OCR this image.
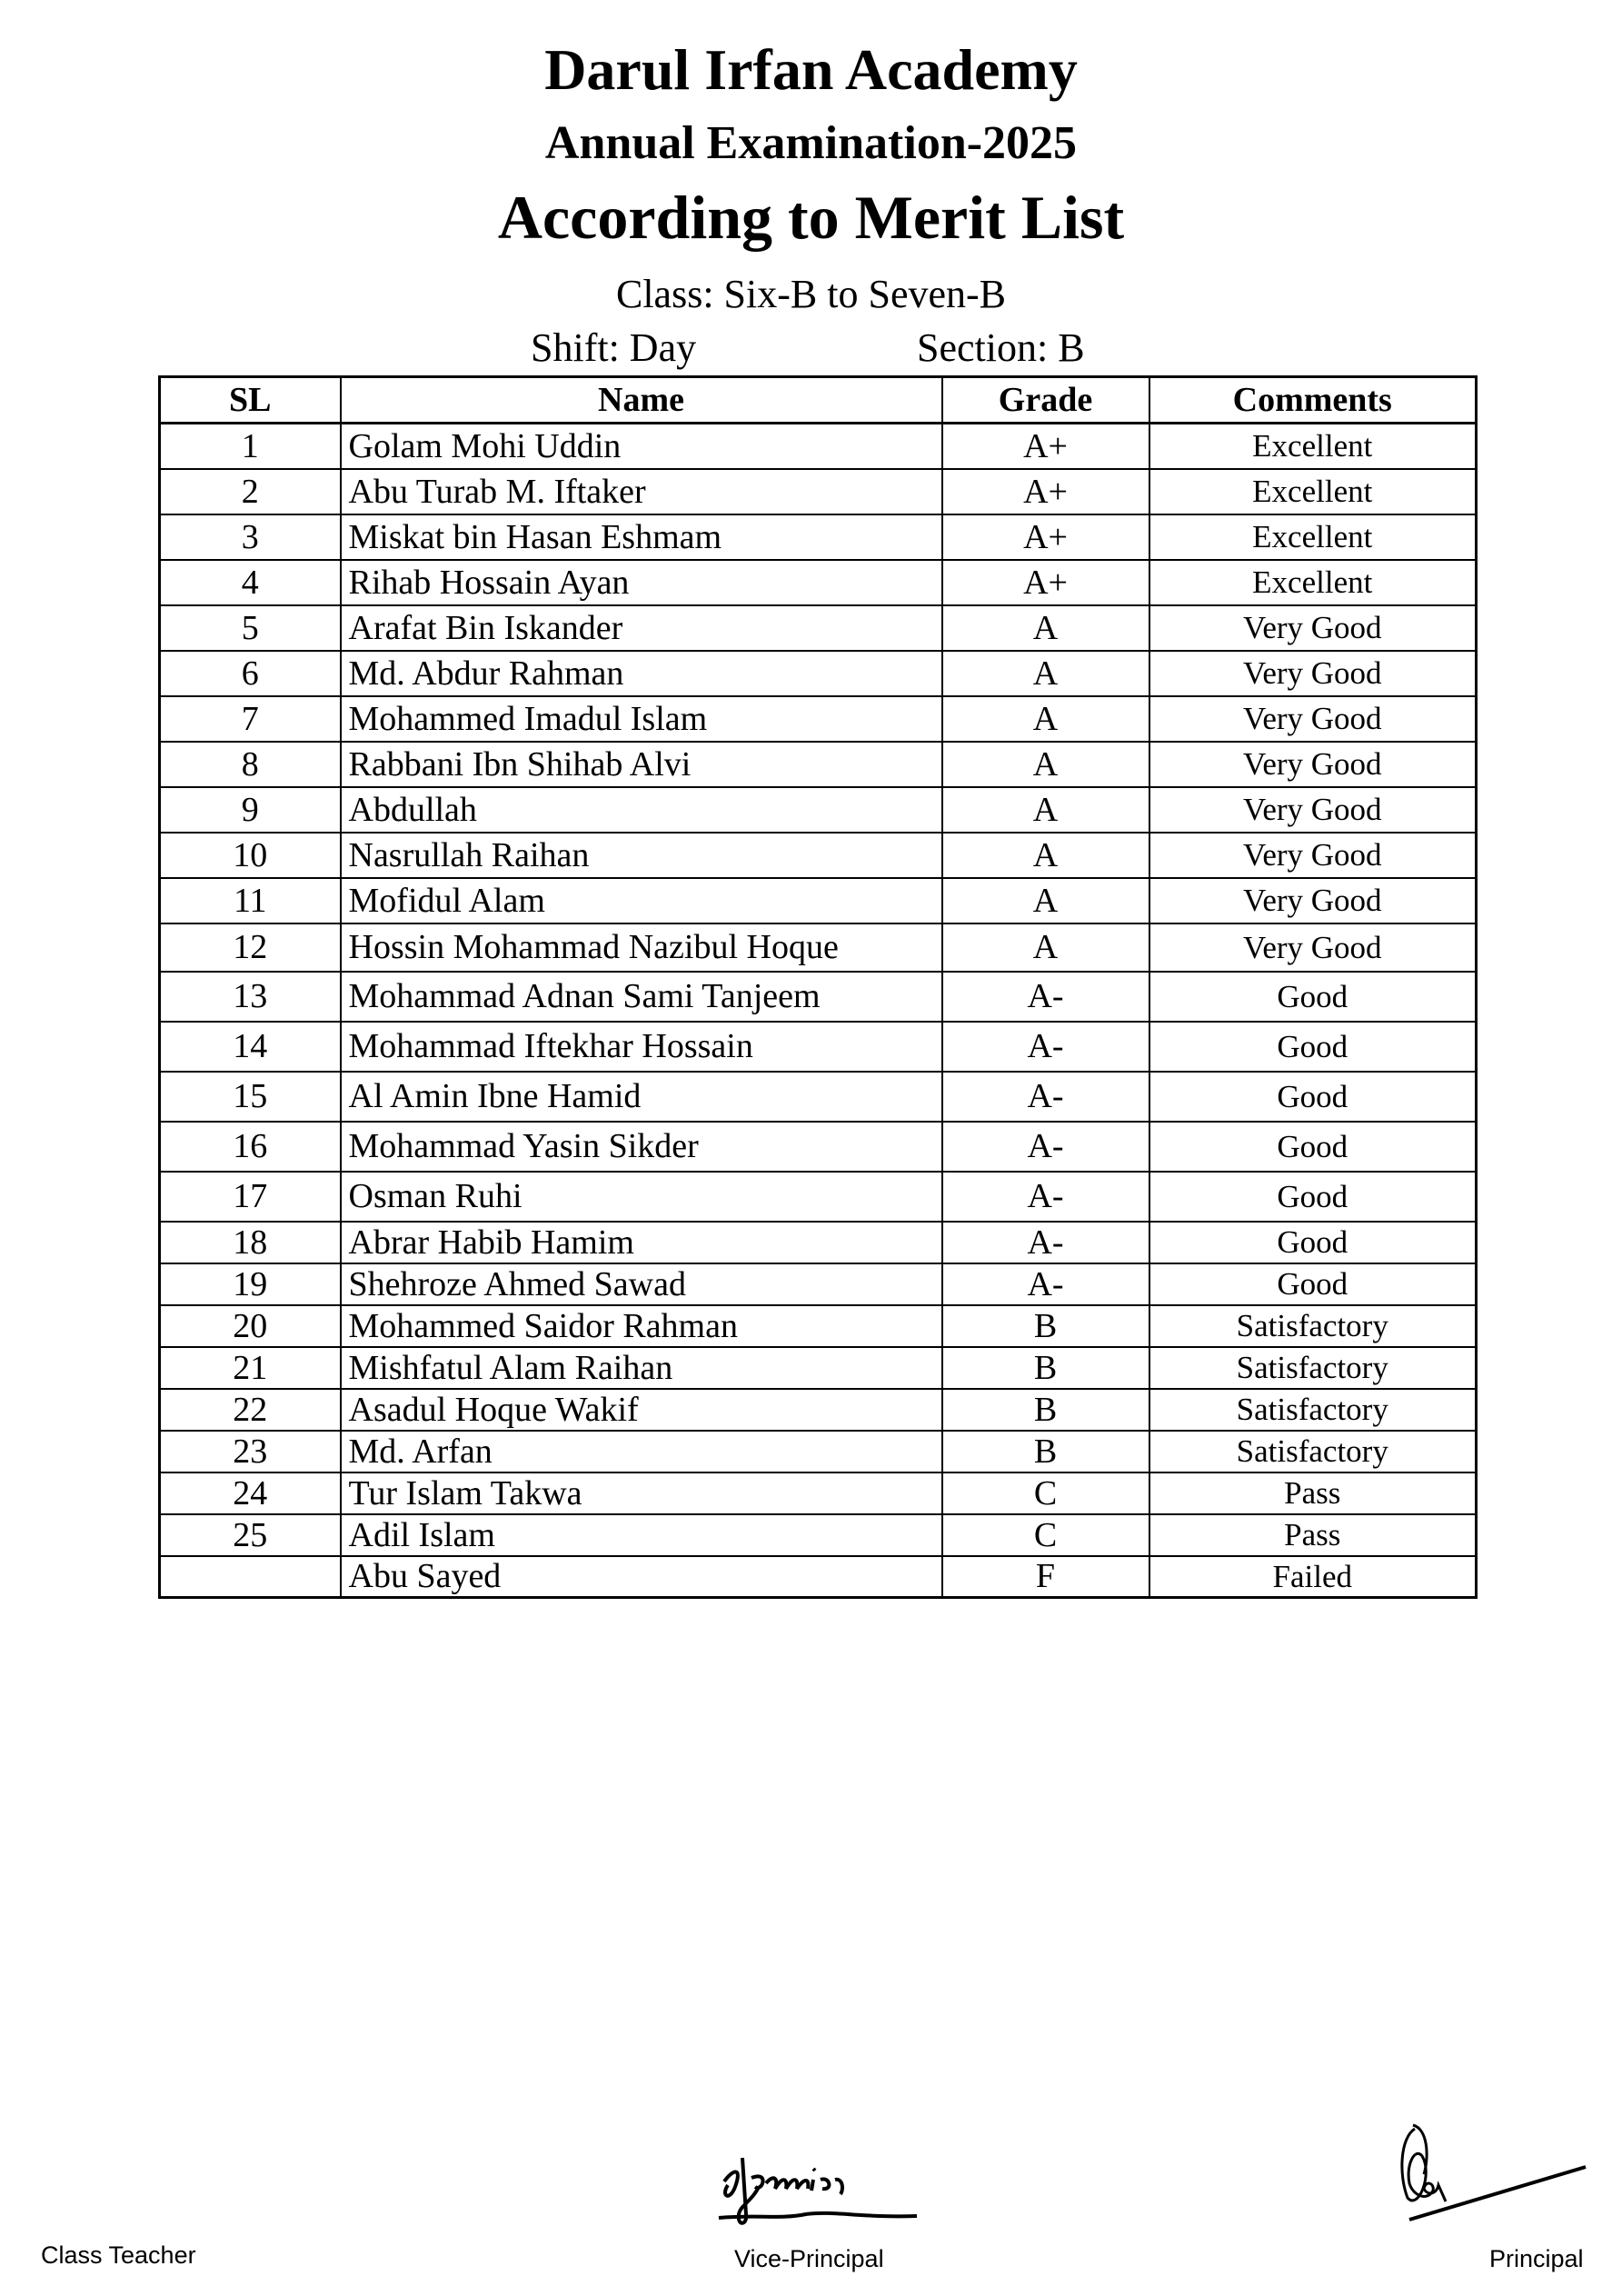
Darul Irfan Academy
Annual Examination-2025
According to Merit List
Class: Six-B to Seven-B
Shift: Day	Section: B
SL	Name	Grade	Comments
1	Golam Mohi Uddin	A+	Excellent
2	Abu Turab M. Iftaker	A+	Excellent
3	Miskat bin Hasan Eshmam	A+	Excellent
4	Rihab Hossain Ayan	A+	Excellent
5	Arafat Bin Iskander	A	Very Good
6	Md. Abdur Rahman	A	Very Good
7	Mohammed Imadul Islam	A	Very Good
8	Rabbani Ibn Shihab Alvi	A	Very Good
9	Abdullah	A	Very Good
10	Nasrullah Raihan	A	Very Good
11	Mofidul Alam	A	Very Good
12	Hossin Mohammad Nazibul Hoque	A	Very Good
13	Mohammad Adnan Sami Tanjeem	A-	Good
14	Mohammad Iftekhar Hossain	A-	Good
15	Al Amin Ibne Hamid	A-	Good
16	Mohammad Yasin Sikder	A-	Good
17	Osman Ruhi	A-	Good
18	Abrar Habib Hamim	A-	Good
19	Shehroze Ahmed Sawad	A-	Good
20	Mohammed Saidor Rahman	B	Satisfactory
21	Mishfatul Alam Raihan	B	Satisfactory
22	Asadul Hoque Wakif	B	Satisfactory
23	Md. Arfan	B	Satisfactory
24	Tur Islam Takwa	C	Pass
25	Adil Islam	C	Pass
	Abu Sayed	F	Failed
Class Teacher	Vice-Principal	Principal
